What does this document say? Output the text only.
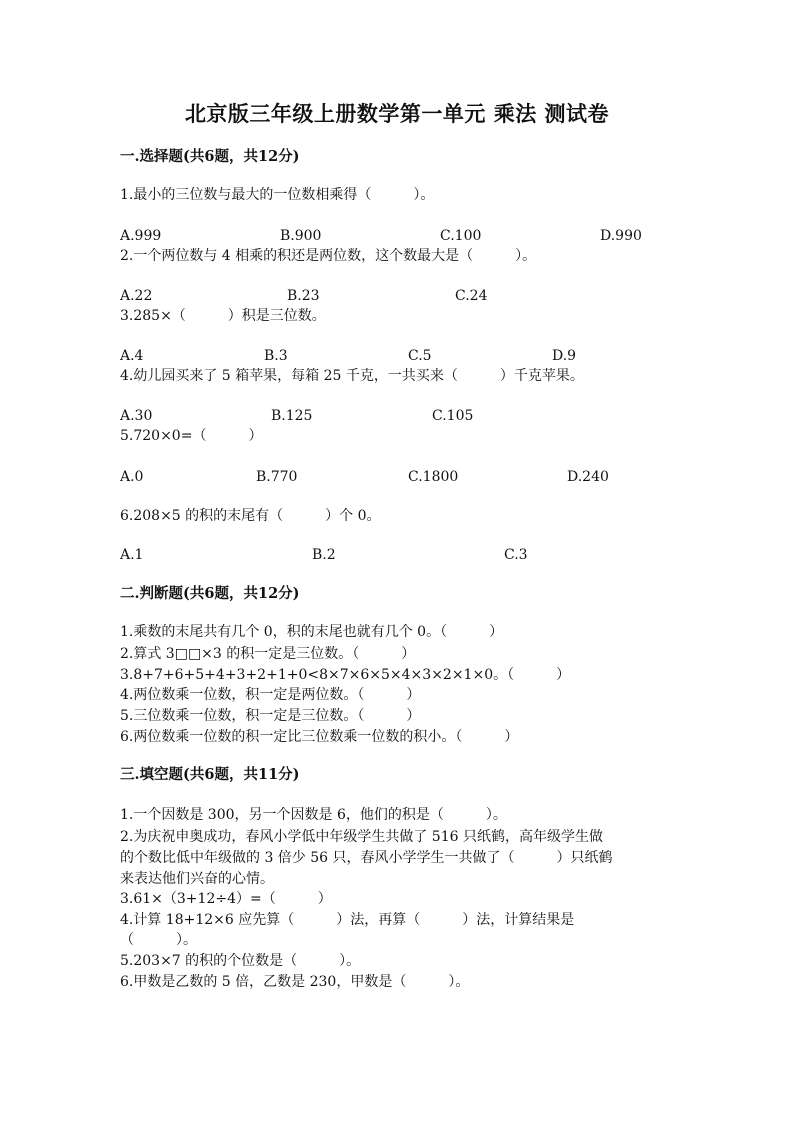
北京版三年级上册数学第一单元 乘法 测试卷
一.选择题(共6题，共12分)
1.最小的三位数与最大的一位数相乘得（　　　）。
A.999	B.900	C.100	D.990
2.一个两位数与 4 相乘的积还是两位数，这个数最大是（　　　）。
A.22	B.23	C.24
3.285×（　　　）积是三位数。
A.4	B.3	C.5	D.9
4.幼儿园买来了 5 箱苹果，每箱 25 千克，一共买来（　　　）千克苹果。
A.30	B.125	C.105
5.720×0=（　　　）
A.0	B.770	C.1800	D.240
6.208×5 的积的末尾有（　　　）个 0。
A.1	B.2	C.3
二.判断题(共6题，共12分)
1.乘数的末尾共有几个 0，积的末尾也就有几个 0。（　　　）
2.算式 3□□×3 的积一定是三位数。（　　　）
3.8+7+6+5+4+3+2+1+0<8×7×6×5×4×3×2×1×0。（　　　）
4.两位数乘一位数，积一定是两位数。（　　　）
5.三位数乘一位数，积一定是三位数。（　　　）
6.两位数乘一位数的积一定比三位数乘一位数的积小。（　　　）
三.填空题(共6题，共11分)
1.一个因数是 300，另一个因数是 6，他们的积是（　　　）。
2.为庆祝申奥成功，春风小学低中年级学生共做了 516 只纸鹤，高年级学生做
的个数比低中年级做的 3 倍少 56 只，春风小学学生一共做了（　　　）只纸鹤
来表达他们兴奋的心情。
3.61×（3+12÷4）=（　　　）
4.计算 18+12×6 应先算（　　　）法，再算（　　　）法，计算结果是
（　　　）。
5.203×7 的积的个位数是（　　　）。
6.甲数是乙数的 5 倍，乙数是 230，甲数是（　　　）。
